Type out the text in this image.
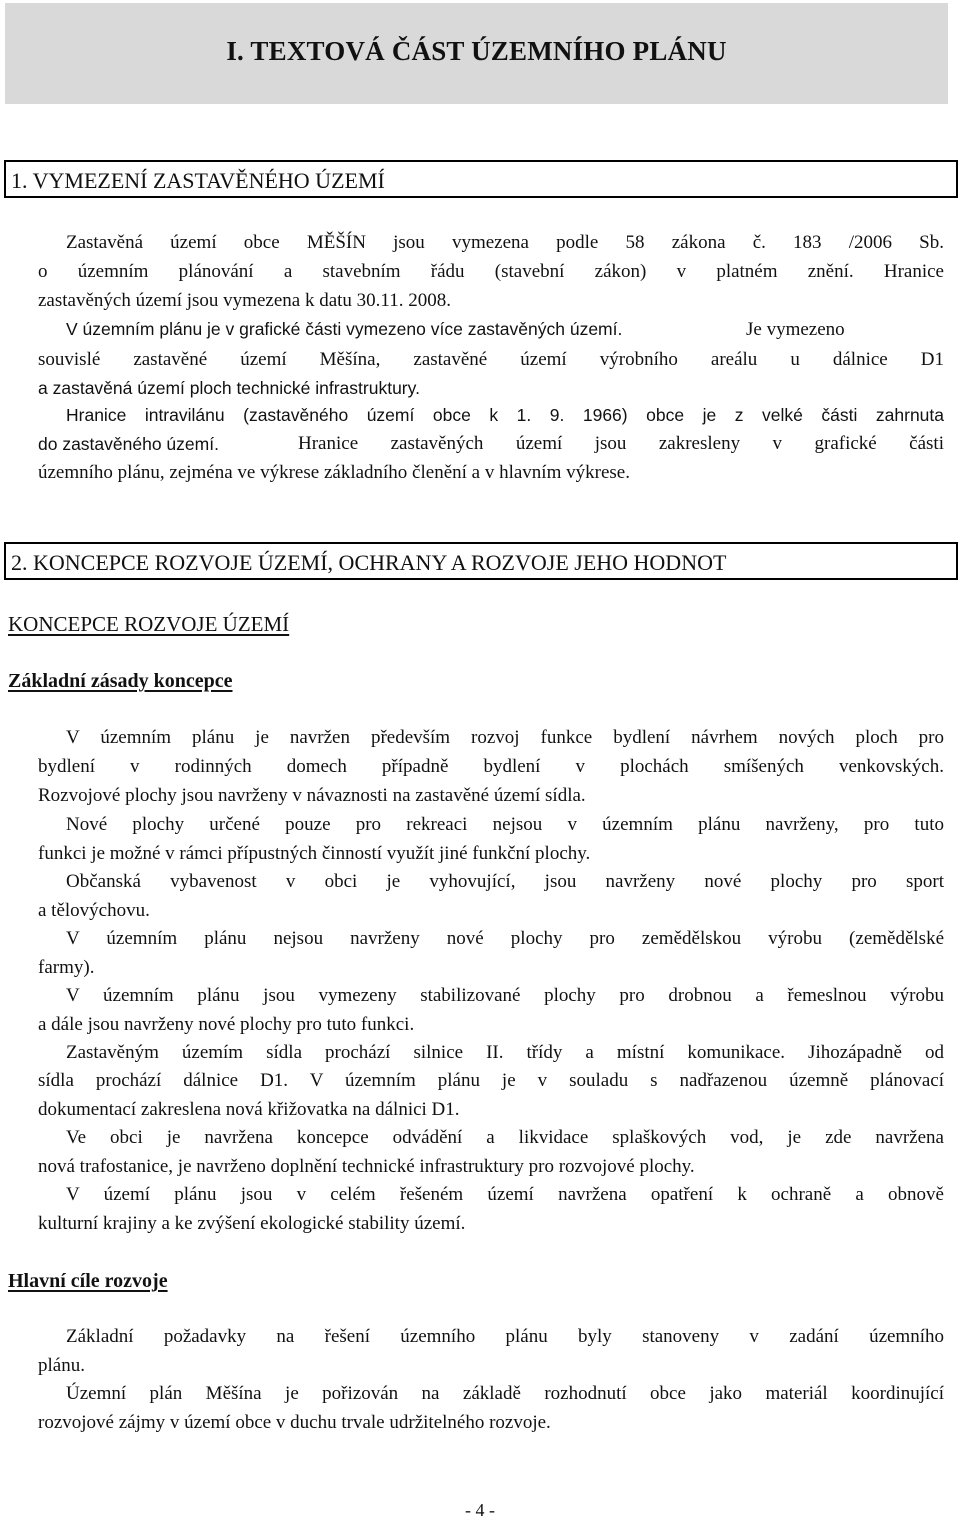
I. TEXTOVÁ ČÁST ÚZEMNÍHO PLÁNU
1. VYMEZENÍ ZASTAVĚNÉHO ÚZEMÍ
Zastavěná území obce MĚŠÍN jsou vymezena podle 58 zákona č. 183 /2006 Sb.
o územním plánování a stavebním řádu (stavební zákon) v platném znění. Hranice
zastavěných území jsou vymezena k datu 30.11. 2008.
V územním plánu je v grafické části vymezeno více zastavěných území.	Je vymezeno
souvislé zastavěné území Měšína, zastavěné území výrobního areálu u dálnice D1
a zastavěná území ploch technické infrastruktury.
Hranice intravilánu (zastavěného území obce k 1. 9. 1966) obce je z velké části zahrnuta
do zastavěného území.	Hranice zastavěných území jsou zakresleny v grafické části
územního plánu, zejména ve výkrese základního členění a v hlavním výkrese.
2. KONCEPCE ROZVOJE ÚZEMÍ, OCHRANY A ROZVOJE JEHO HODNOT
KONCEPCE ROZVOJE ÚZEMÍ
Základní zásady koncepce
V územním plánu je navržen především rozvoj funkce bydlení návrhem nových ploch pro
bydlení v rodinných domech případně bydlení v plochách smíšených venkovských.
Rozvojové plochy jsou navrženy v návaznosti na zastavěné území sídla.
Nové plochy určené pouze pro rekreaci nejsou v územním plánu navrženy, pro tuto
funkci je možné v rámci přípustných činností využít jiné funkční plochy.
Občanská vybavenost v obci je vyhovující, jsou navrženy nové plochy pro sport
a tělovýchovu.
V územním plánu nejsou navrženy nové plochy pro zemědělskou výrobu (zemědělské
farmy).
V územním plánu jsou vymezeny stabilizované plochy pro drobnou a řemeslnou výrobu
a dále jsou navrženy nové plochy pro tuto funkci.
Zastavěným územím sídla prochází silnice II. třídy a místní komunikace. Jihozápadně od
sídla prochází dálnice D1. V územním plánu je v souladu s nadřazenou územně plánovací
dokumentací zakreslena nová křižovatka na dálnici D1.
Ve obci je navržena koncepce odvádění a likvidace splaškových vod, je zde navržena
nová trafostanice, je navrženo doplnění technické infrastruktury pro rozvojové plochy.
V území plánu jsou v celém řešeném území navržena opatření k ochraně a obnově
kulturní krajiny a ke zvýšení ekologické stability území.
Hlavní cíle rozvoje
Základní požadavky na řešení územního plánu byly stanoveny v zadání územního
plánu.
Územní plán Měšína je pořizován na základě rozhodnutí obce jako materiál koordinující
rozvojové zájmy v území obce v duchu trvale udržitelného rozvoje.
- 4 -
